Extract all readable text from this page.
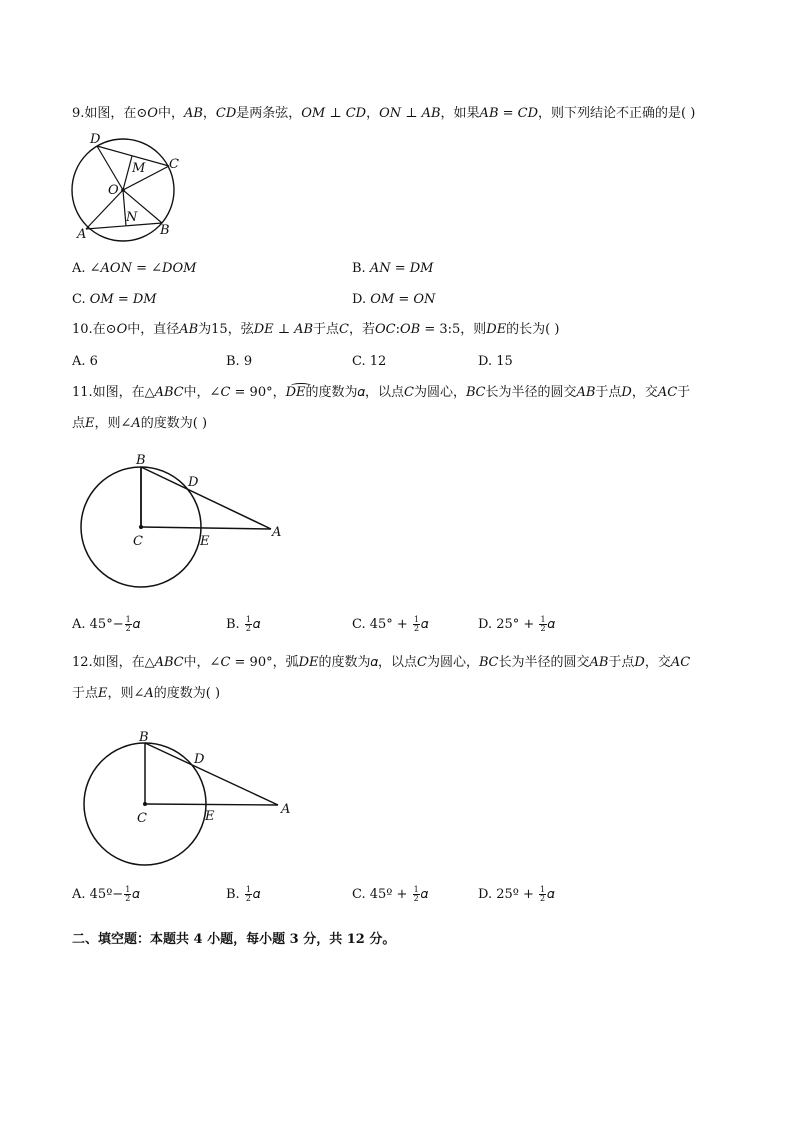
9.如图，在⊙𝑂中，𝐴𝐵，𝐶𝐷是两条弦，𝑂𝑀 ⊥ 𝐶𝐷，𝑂𝑁 ⊥ 𝐴𝐵，如果𝐴𝐵 = 𝐶𝐷，则下列结论不正确的是( )
D
M C
O
N
A	B
A. ∠𝐴𝑂𝑁 = ∠𝐷𝑂𝑀	B. 𝐴𝑁 = 𝐷𝑀
C. 𝑂𝑀 = 𝐷𝑀	D. 𝑂𝑀 = 𝑂𝑁
10.在⊙𝑂中，直径𝐴𝐵为15，弦𝐷𝐸 ⊥ 𝐴𝐵于点𝐶，若𝑂𝐶:𝑂𝐵 = 3:5，则𝐷𝐸的长为( )
A. 6	B. 9	C. 12	D. 15
11.如图，在△𝐴𝐵𝐶中，∠𝐶 = 90°，𝐷𝐸的度数为𝛼，以点𝐶为圆心，𝐵𝐶长为半径的圆交𝐴𝐵于点𝐷，交𝐴𝐶于
点𝐸，则∠𝐴的度数为( )
B
D
C	E
A
A. $45^\circ- \frac{1}{2}$ 𝛼	B. $\frac{1}{2}$ 𝛼	C. $45^\circ + \frac{1}{2}$ 𝛼	D. $25^\circ + \frac{1}{2}$ 𝛼
12.如图，在△𝐴𝐵𝐶中，∠𝐶 = 90°，弧𝐷𝐸的度数为𝛼，以点𝐶为圆心，𝐵𝐶长为半径的圆交𝐴𝐵于点𝐷，交𝐴𝐶
于点𝐸，则∠𝐴的度数为( )
B
D
C	E	A
A. 45º− $\frac{1}{2}$ 𝛼	B. $\frac{1}{2}$ 𝛼	C. 45º + $\frac{1}{2}$ 𝛼	D. 25º + $\frac{1}{2}$ 𝛼
二、填空题：本题共 4 小题，每小题 3 分，共 12 分。
